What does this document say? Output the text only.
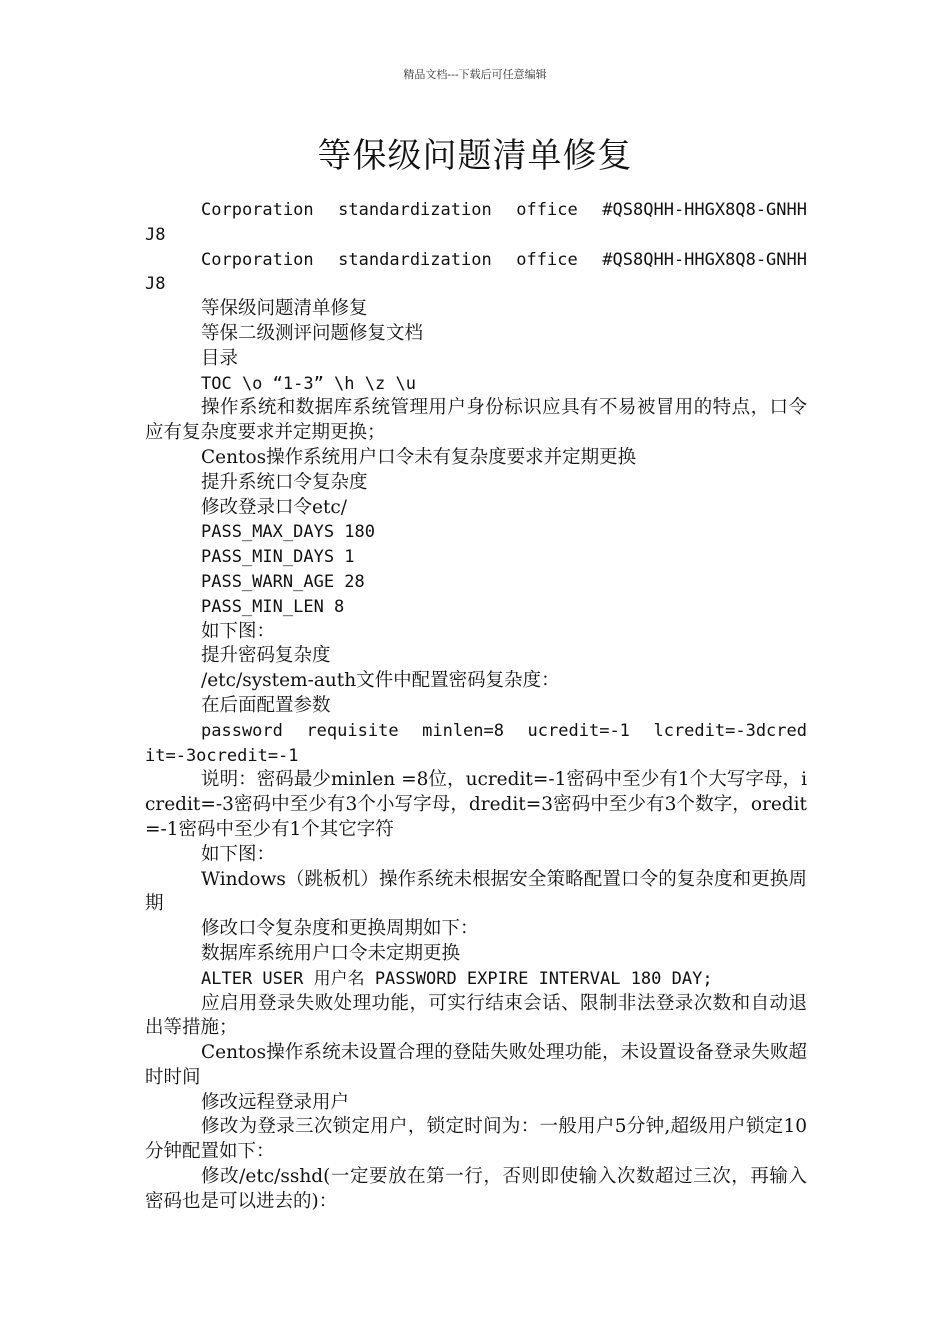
精品文档---下载后可任意编辑
等保级问题清单修复

Corporation standardization office #QS8QHH-HHGX8Q8-GNHHJ8

Corporation standardization office #QS8QHH-HHGX8Q8-GNHHJ8

等保级问题清单修复

等保二级测评问题修复文档

目录

TOC \o “1-3” \h \z \u

操作系统和数据库系统管理用户身份标识应具有不易被冒用的特点，口令应有复杂度要求并定期更换；

Centos操作系统用户口令未有复杂度要求并定期更换

提升系统口令复杂度

修改登录口令etc/

PASS_MAX_DAYS 180

PASS_MIN_DAYS 1

PASS_WARN_AGE 28

PASS_MIN_LEN 8

如下图：

提升密码复杂度

/etc/system-auth文件中配置密码复杂度：

在后面配置参数

password requisite minlen=8 ucredit=-1 lcredit=-3dcredit=-3ocredit=-1

说明：密码最少minlen =8位，ucredit=-1密码中至少有1个大写字母，icredit=-3密码中至少有3个小写字母，dredit=3密码中至少有3个数字，oredit=-1密码中至少有1个其它字符

如下图：

Windows（跳板机）操作系统未根据安全策略配置口令的复杂度和更换周期

修改口令复杂度和更换周期如下：

数据库系统用户口令未定期更换

ALTER USER 用户名 PASSWORD EXPIRE INTERVAL 180 DAY;

应启用登录失败处理功能，可实行结束会话、限制非法登录次数和自动退出等措施；

Centos操作系统未设置合理的登陆失败处理功能，未设置设备登录失败超时时间

修改远程登录用户

修改为登录三次锁定用户，锁定时间为：一般用户5分钟,超级用户锁定10分钟配置如下：

修改/etc/sshd(一定要放在第一行，否则即使输入次数超过三次，再输入密码也是可以进去的)：
